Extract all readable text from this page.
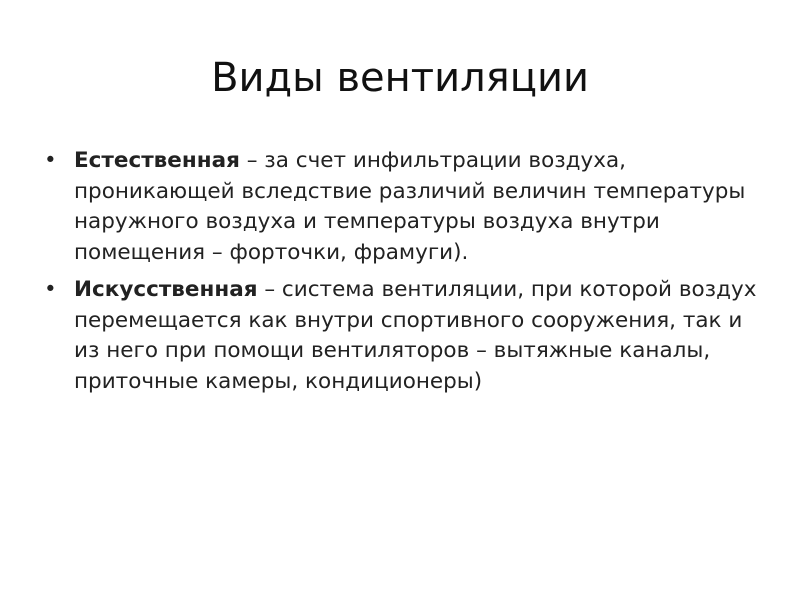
Виды вентиляции
• Естественная – за счет инфильтрации воздуха, проникающей вследствие различий величин температуры наружного воздуха и температуры воздуха внутри помещения – форточки, фрамуги).
• Искусственная – система вентиляции, при которой воздух перемещается как внутри спортивного сооружения, так и из него при помощи вентиляторов – вытяжные каналы, приточные камеры, кондиционеры)
